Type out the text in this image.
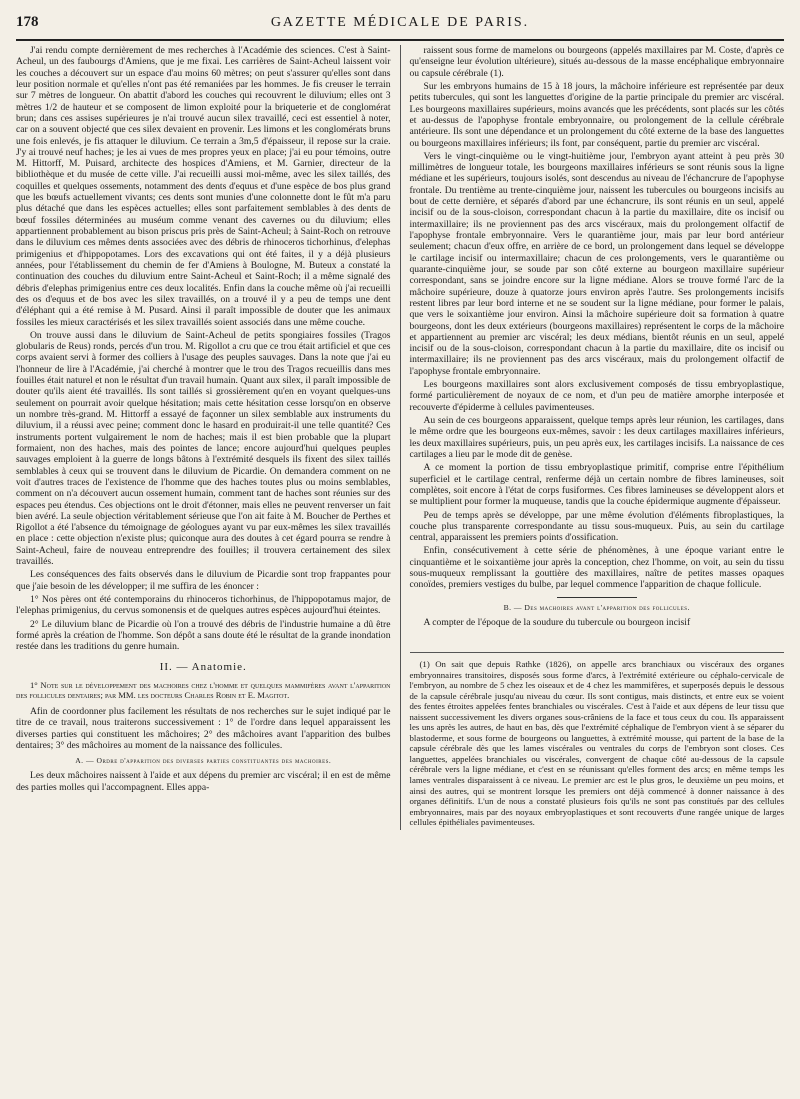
178	GAZETTE MÉDICALE DE PARIS.

J'ai rendu compte dernièrement de mes recherches à l'Académie des sciences. C'est à Saint-Acheul, un des faubourgs d'Amiens, que je me fixai. Les carrières de Saint-Acheul laissent voir les couches a découvert sur un espace d'au moins 60 mètres; on peut s'assurer qu'elles sont dans leur position normale et qu'elles n'ont pas été remaniées par les hommes. Je fis creuser le terrain sur 7 mètres de longueur. On abattit d'abord les couches qui recouvrent le diluvium; elles ont 3 mètres 1/2 de hauteur et se composent de limon exploité pour la briqueterie et de conglomérat brun; dans ces assises supérieures je n'ai trouvé aucun silex travaillé, ceci est essentiel à noter, car on a souvent objecté que ces silex devaient en provenir. Les limons et les conglomérats bruns une fois enlevés, je fis attaquer le diluvium. Ce terrain a 3m,5 d'épaisseur, il repose sur la craie. J'y ai trouvé neuf haches; je les ai vues de mes propres yeux en place; j'ai eu pour témoins, outre M. Hittorff, M. Puisard, architecte des hospices d'Amiens, et M. Garnier, directeur de la bibliothèque et du musée de cette ville. J'ai recueilli aussi moi-même, avec les silex taillés, des coquilles et quelques ossements, notamment des dents d'equus et d'une espèce de bos plus grand que les bœufs actuellement vivants; ces dents sont munies d'une colonnette dont le fût m'a paru plus détaché que dans les espèces actuelles; elles sont parfaitement semblables à des dents de bœuf fossiles déterminées au muséum comme venant des cavernes ou du diluvium; elles appartiennent probablement au bison priscus pris près de Saint-Acheul; à Saint-Roch on retrouve dans le diluvium ces mêmes dents associées avec des débris de rhinoceros tichorhinus, d'elephas primigenius et d'hippopotames. Lors des excavations qui ont été faites, il y a déjà plusieurs années, pour l'établissement du chemin de fer d'Amiens à Boulogne, M. Buteux a constaté la continuation des couches du diluvium entre Saint-Acheul et Saint-Roch; il a même signalé des débris d'elephas primigenius entre ces deux localités. Enfin dans la couche même où j'ai recueilli des os d'equus et de bos avec les silex travaillés, on a trouvé il y a peu de temps une dent d'éléphant qui a été remise à M. Pusard. Ainsi il paraît impossible de douter que les animaux fossiles les mieux caractérisés et les silex travaillés soient associés dans une même couche.

On trouve aussi dans le diluvium de Saint-Acheul de petits spongiaires fossiles (Tragos globularis de Reus) ronds, percés d'un trou. M. Rigollot a cru que ce trou était artificiel et que ces corps avaient servi à former des colliers à l'usage des peuples sauvages. Dans la note que j'ai eu l'honneur de lire à l'Académie, j'ai cherché à montrer que le trou des Tragos recueillis dans mes fouilles était naturel et non le résultat d'un travail humain. Quant aux silex, il paraît impossible de douter qu'ils aient été travaillés. Ils sont taillés si grossièrement qu'en en voyant quelques-uns seulement on pourrait avoir quelque hésitation; mais cette hésitation cesse lorsqu'on en observe un nombre très-grand. M. Hittorff a essayé de façonner un silex semblable aux instruments du diluvium, il a réussi avec peine; comment donc le hasard en produirait-il une telle quantité? Ces instruments portent vulgairement le nom de haches; mais il est bien probable que la plupart formaient, non des haches, mais des pointes de lance; encore aujourd'hui quelques peuples sauvages emploient à la guerre de longs bâtons à l'extrémité desquels ils fixent des silex taillés semblables à ceux qui se trouvent dans le diluvium de Picardie. On demandera comment on ne voit d'autres traces de l'existence de l'homme que des haches toutes plus ou moins semblables, comment on n'a découvert aucun ossement humain, comment tant de haches sont réunies sur des espaces peu étendus. Ces objections ont le droit d'étonner, mais elles ne peuvent renverser un fait bien avéré. La seule objection véritablement sérieuse que l'on ait faite à M. Boucher de Perthes et Rigollot a été l'absence du témoignage de géologues ayant vu par eux-mêmes les silex travaillés en place : cette objection n'existe plus; quiconque aura des doutes à cet égard pourra se rendre à Saint-Acheul, faire de nouveau entreprendre des fouilles; il trouvera certainement des silex travaillés.

Les conséquences des faits observés dans le diluvium de Picardie sont trop frappantes pour que j'aie besoin de les développer; il me suffira de les énoncer :

1° Nos pères ont été contemporains du rhinoceros tichorhinus, de l'hippopotamus major, de l'elephas primigenius, du cervus somonensis et de quelques autres espèces aujourd'hui éteintes.
2° Le diluvium blanc de Picardie où l'on a trouvé des débris de l'industrie humaine a dû être formé après la création de l'homme. Son dépôt a sans doute été le résultat de la grande inondation restée dans les traditions du genre humain.
II. — Anatomie.
1° Note sur le développement des machoires chez l'homme et quelques mammifères avant l'apparition des follicules dentaires; par MM. les docteurs Charles Robin et E. Magitot.

Afin de coordonner plus facilement les résultats de nos recherches sur le sujet indiqué par le titre de ce travail, nous traiterons successivement : 1° de l'ordre dans lequel apparaissent les diverses parties qui constituent les mâchoires; 2° des mâchoires avant l'apparition des bulbes dentaires; 3° des mâchoires au moment de la naissance des follicules.

A. — Ordre d'apparition des diverses parties constituantes des machoires.

Les deux mâchoires naissent à l'aide et aux dépens du premier arc viscéral; il en est de même des parties molles qui l'accompagnent. Elles appa-

raissent sous forme de mamelons ou bourgeons (appelés maxillaires par M. Coste, d'après ce qu'enseigne leur évolution ultérieure), situés au-dessous de la masse encéphalique embryonnaire ou capsule cérébrale (1).

Sur les embryons humains de 15 à 18 jours, la mâchoire inférieure est représentée par deux petits tubercules, qui sont les languettes d'origine de la partie principale du premier arc viscéral. Les bourgeons maxillaires supérieurs, moins avancés que les précédents, sont placés sur les côtés et au-dessus de l'apophyse frontale embryonnaire, ou prolongement de la cellule cérébrale antérieure. Ils sont une dépendance et un prolongement du côté externe de la base des languettes ou bourgeons maxillaires inférieurs; ils font, par conséquent, partie du premier arc viscéral.

Vers le vingt-cinquième ou le vingt-huitième jour, l'embryon ayant atteint à peu près 30 millimètres de longueur totale, les bourgeons maxillaires inférieurs se sont réunis sous la ligne médiane et les supérieurs, toujours isolés, sont descendus au niveau de l'échancrure de l'apophyse frontale. Du trentième au trente-cinquième jour, naissent les tubercules ou bourgeons incisifs au bout de cette dernière, et séparés d'abord par une échancrure, ils sont réunis en un seul, appelé incisif ou de la sous-cloison, correspondant chacun à la partie du maxillaire, dite os incisif ou intermaxillaire; ils ne proviennent pas des arcs viscéraux, mais du prolongement olfactif de l'apophyse frontale embryonnaire. Vers le quarantième jour, mais par leur bord antérieur seulement; chacun d'eux offre, en arrière de ce bord, un prolongement dans lequel se développe le cartilage incisif ou intermaxillaire; chacun de ces prolongements, vers le quarantième ou quarante-cinquième jour, se soude par son côté externe au bourgeon maxillaire supérieur correspondant, sans se joindre encore sur la ligne médiane. Alors se trouve formé l'arc de la mâchoire supérieure, douze à quatorze jours environ après l'autre. Ses prolongements incisifs restent libres par leur bord interne et ne se soudent sur la ligne médiane, pour former le palais, que vers le soixantième jour environ. Ainsi la mâchoire supérieure doit sa formation à quatre bourgeons, dont les deux extérieurs (bourgeons maxillaires) représentent le corps de la mâchoire et appartiennent au premier arc viscéral; les deux médians, bientôt réunis en un seul, appelé incisif ou de la sous-cloison, correspondant chacun à la partie du maxillaire, dite os incisif ou intermaxillaire; ils ne proviennent pas des arcs viscéraux, mais du prolongement olfactif de l'apophyse frontale embryonnaire.

Les bourgeons maxillaires sont alors exclusivement composés de tissu embryoplastique, formé particulièrement de noyaux de ce nom, et d'un peu de matière amorphe interposée et recouverte d'épiderme à cellules pavimenteuses.

Au sein de ces bourgeons apparaissent, quelque temps après leur réunion, les cartilages, dans le même ordre que les bourgeons eux-mêmes, savoir : les deux cartilages maxillaires inférieurs, les deux maxillaires supérieurs, puis, un peu après eux, les cartilages incisifs. La naissance de ces cartilages a lieu par le mode dit de genèse.

A ce moment la portion de tissu embryoplastique primitif, comprise entre l'épithélium superficiel et le cartilage central, renferme déjà un certain nombre de fibres lamineuses, soit complètes, soit encore à l'état de corps fusiformes. Ces fibres lamineuses se développent alors et se multiplient pour former la muqueuse, tandis que la couche épidermique augmente d'épaisseur.

Peu de temps après se développe, par une même évolution d'éléments fibroplastiques, la couche plus transparente correspondante au tissu sous-muqueux. Puis, au sein du cartilage central, apparaissent les premiers points d'ossification.

Enfin, consécutivement à cette série de phénomènes, à une époque variant entre le cinquantième et le soixantième jour après la conception, chez l'homme, on voit, au sein du tissu sous-muqueux remplissant la gouttière des maxillaires, naître de petites masses opaques conoïdes, premiers vestiges du bulbe, par lequel commence l'apparition de chaque follicule.

B. — Des machoires avant l'apparition des follicules.

A compter de l'époque de la soudure du tubercule ou bourgeon incisif

(1) On sait que depuis Rathke (1826), on appelle arcs branchiaux ou viscéraux des organes embryonnaires transitoires, disposés sous forme d'arcs, à l'extrémité extérieure ou céphalo-cervicale de l'embryon, au nombre de 5 chez les oiseaux et de 4 chez les mammifères, et superposés depuis le dessous de la capsule cérébrale jusqu'au niveau du cœur. Ils sont contigus, mais distincts, et entre eux se voient des fentes étroites appelées fentes branchiales ou viscérales. C'est à l'aide et aux dépens de leur tissu que naissent successivement les divers organes sous-crâniens de la face et tous ceux du cou. Ils apparaissent les uns après les autres, de haut en bas, dès que l'extrémité céphalique de l'embryon vient à se séparer du blastoderme, et sous forme de bourgeons ou languettes, à extrémité mousse, qui partent de la base de la capsule cérébrale dès que les lames viscérales ou ventrales du corps de l'embryon sont closes. Ces languettes, appelées branchiales ou viscérales, convergent de chaque côté au-dessous de la capsule cérébrale vers la ligne médiane, et c'est en se réunissant qu'elles forment des arcs; en même temps les lames ventrales disparaissent à ce niveau. Le premier arc est le plus gros, le deuxième un peu moins, et ainsi des autres, qui se montrent lorsque les premiers ont déjà commencé à donner naissance à des organes définitifs. L'un de nous a constaté plusieurs fois qu'ils ne sont pas constitués par des cellules embryonnaires, mais par des noyaux embryoplastiques et sont recouverts d'une rangée unique de larges cellules épithéliales pavimenteuses.
